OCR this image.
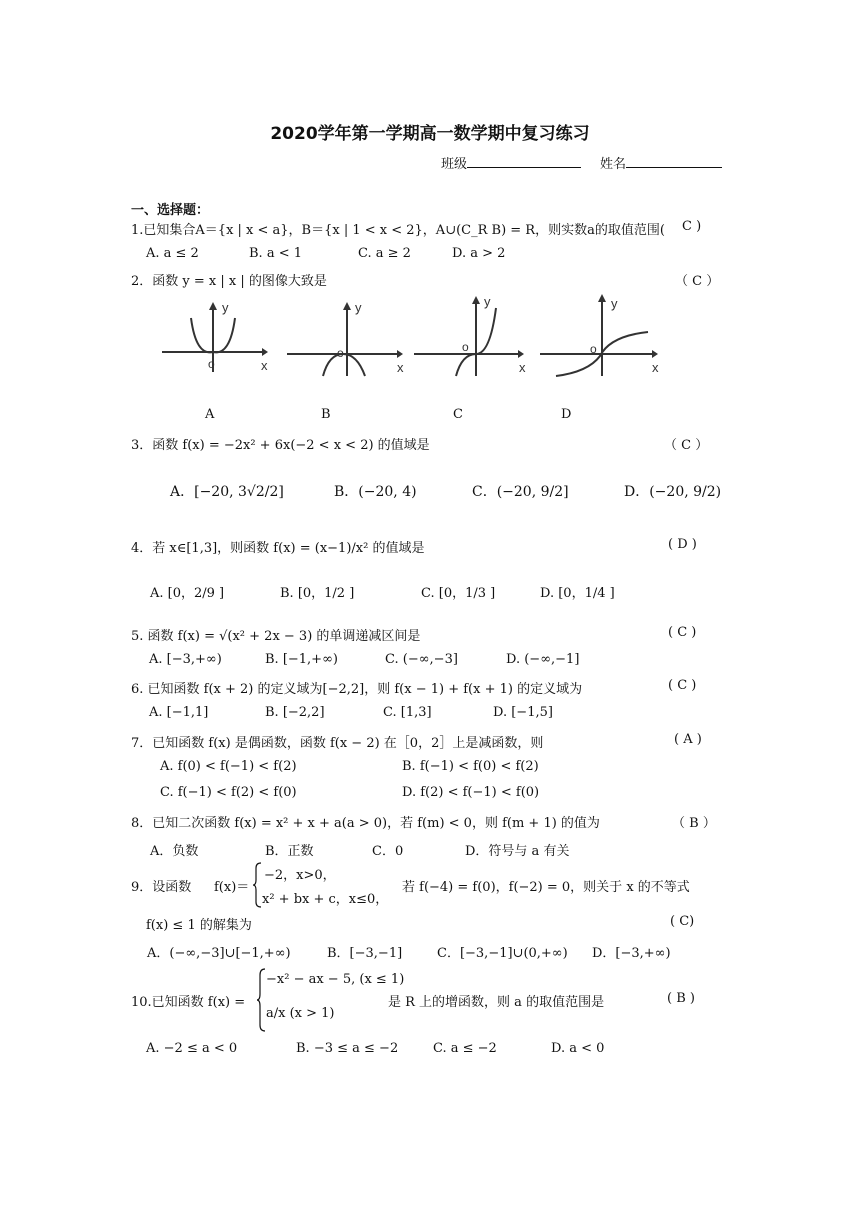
2020学年第一学期高一数学期中复习练习
班级	姓名
一、选择题：
1.已知集合A＝{x | x < a}，B＝{x | 1 < x < 2}，A∪(C_R B) = R，则实数a的取值范围( C )
A. a ≤ 2	B. a < 1	C. a ≥ 2	D. a > 2
2．函数 y = x | x | 的图像大致是	（ C ）
y
x
o
y
x
o
y
x
o
y
x
o
A	B	C	D
3．函数 f(x) = −2x² + 6x(−2 < x < 2) 的值域是	（ C ）
A．[−20, 3√2/2]	B．(−20, 4)	C．(−20, 9/2]	D．(−20, 9/2)
4．若 x∈[1,3]，则函数 f(x) = (x−1)/x² 的值域是	( D )
A. [0，2/9 ]	B. [0，1/2 ]	C. [0，1/3 ]	D. [0，1/4 ]
5. 函数 f(x) = √(x² + 2x − 3) 的单调递减区间是	( C )
A. [−3,+∞)	B. [−1,+∞)	C. (−∞,−3]	D. (−∞,−1]
6. 已知函数 f(x + 2) 的定义域为[−2,2]，则 f(x − 1) + f(x + 1) 的定义域为	( C )
A. [−1,1]	B. [−2,2]	C. [1,3]	D. [−1,5]
7．已知函数 f(x) 是偶函数，函数 f(x − 2) 在［0，2］上是减函数，则	( A )
A. f(0) < f(−1) < f(2)	B. f(−1) < f(0) < f(2)
C. f(−1) < f(2) < f(0)	D. f(2) < f(−1) < f(0)
8．已知二次函数 f(x) = x² + x + a(a > 0)，若 f(m) < 0，则 f(m + 1) 的值为	（ B ）
A．负数	B．正数	C．0	D．符号与 a 有关
9．设函数 f(x)＝
−2，x>0，
x² + bx + c，x≤0，
若 f(−4) = f(0)，f(−2) = 0，则关于 x 的不等式
f(x) ≤ 1 的解集为	( C)
A．(−∞,−3]∪[−1,+∞)	B．[−3,−1]	C．[−3,−1]∪(0,+∞) D．[−3,+∞)
10.已知函数 f(x) =
−x² − ax − 5, (x ≤ 1)
a/x (x > 1)
是 R 上的增函数，则 a 的取值范围是	( B )
A. −2 ≤ a < 0	B. −3 ≤ a ≤ −2	C. a ≤ −2	D. a < 0
